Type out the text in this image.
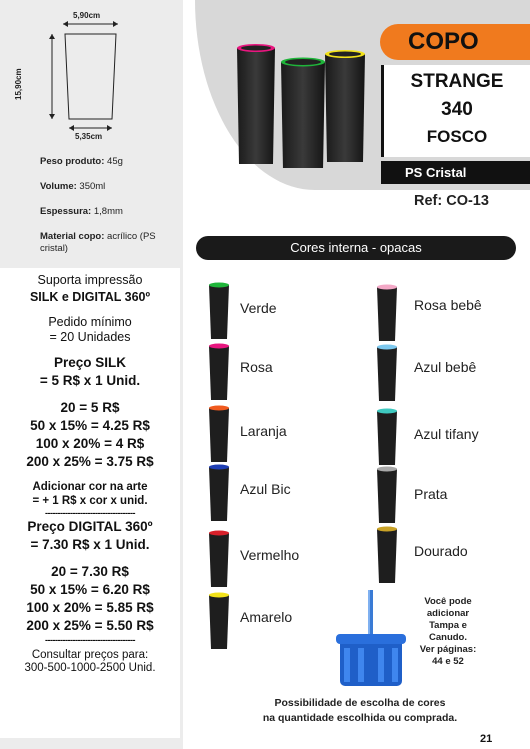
5,90cm
15,90cm
5,35cm
Peso produto: 45g
Volume: 350ml
Espessura: 1,8mm
Material copo: acrílico (PS cristal)

Suporta impressão

SILK e DIGITAL 360º

Pedido mínimo

= 20 Unidades

Preço SILK

= 5 R$ x 1 Unid.

20 = 5 R$

50 x 15% = 4.25 R$

100 x 20% = 4 R$

200 x 25% = 3.75 R$

Adicionar cor na arte

= + 1 R$ x cor x unid.

------------------------------------

Preço DIGITAL 360º

= 7.30 R$ x 1 Unid.

20 = 7.30 R$

50 x 15% = 6.20 R$

100 x 20% = 5.85 R$

200 x 25% = 5.50 R$

------------------------------------

Consultar preços para:

300-500-1000-2500 Unid.

COPO
STRANGE
340
FOSCO
PS Cristal
Ref: CO-13
Cores interna - opacas
Verde
Rosa
Laranja
Azul Bic
Vermelho
Amarelo
Rosa bebê
Azul bebê
Azul tifany
Prata
Dourado
Você pode
adicionar
Tampa e
Canudo.
Ver páginas:
44 e 52
Possibilidade de escolha de cores
na quantidade escolhida ou comprada.
21
